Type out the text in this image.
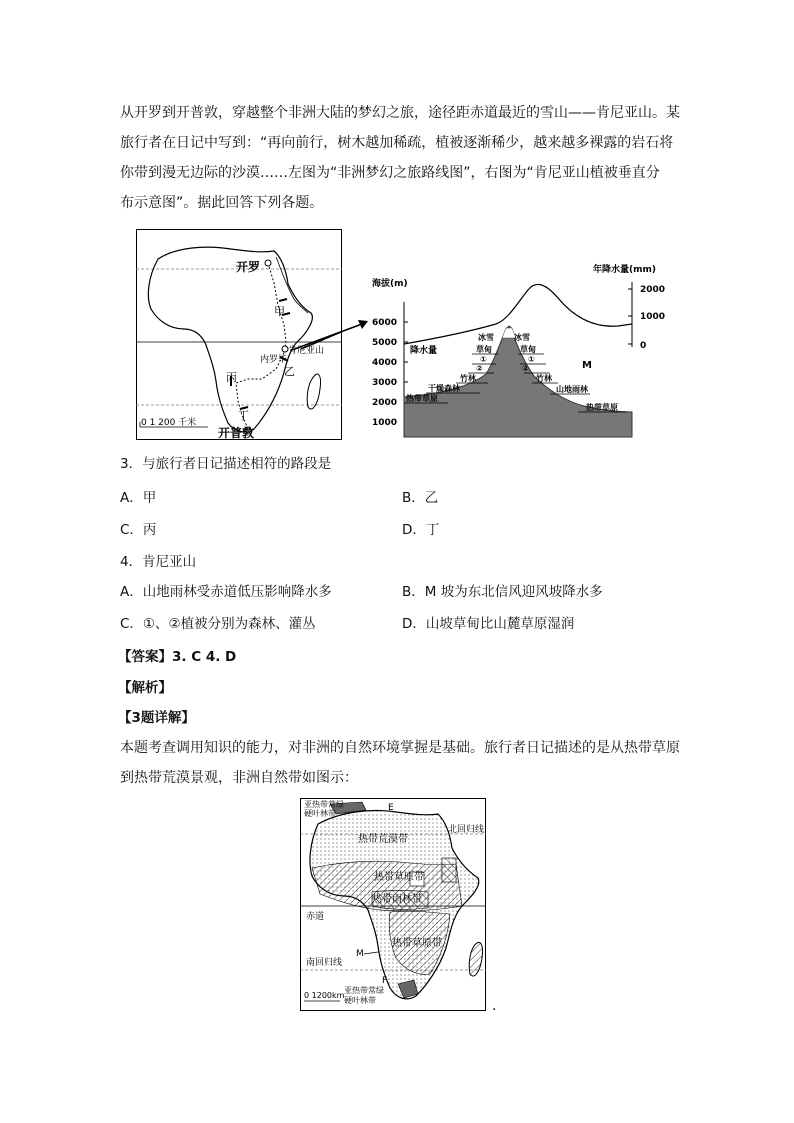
从开罗到开普敦，穿越整个非洲大陆的梦幻之旅，途径距赤道最近的雪山——肯尼亚山。某
旅行者在日记中写到：“再向前行，树木越加稀疏，植被逐渐稀少，越来越多裸露的岩石将
你带到漫无边际的沙漠……左图为“非洲梦幻之旅路线图”，右图为“肯尼亚山植被垂直分
布示意图”。据此回答下列各题。
开罗
甲
肯尼亚山
内罗毕
乙
丙
丁
开普敦
0 1 200 千米
海拔(m)
年降水量(mm)
6000
5000
4000
3000
2000
1000
2000
1000
0
降水量
M
冰雪
草甸
①
②
竹林
干燥森林
热带草原
冰雪
草甸
①
②
竹林
山地雨林
热带草原
3．与旅行者日记描述相符的路段是
A．甲	B．乙
C．丙	D．丁
4．肯尼亚山
A．山地雨林受赤道低压影响降水多	B．M 坡为东北信风迎风坡降水多
C．①、②植被分别为森林、灌丛	D．山坡草甸比山麓草原湿润
【答案】3. C 4. D
【解析】
【3题详解】
本题考查调用知识的能力，对非洲的自然环境掌握是基础。旅行者日记描述的是从热带草原
到热带荒漠景观，非洲自然带如图示：
亚热带常绿
硬叶林带
E
北回归线
热带荒漠带
热带草原带
热带雨林带
赤道
热带草原带
南回归线
M
F
0 1200km
亚热带常绿
硬叶林带	.
